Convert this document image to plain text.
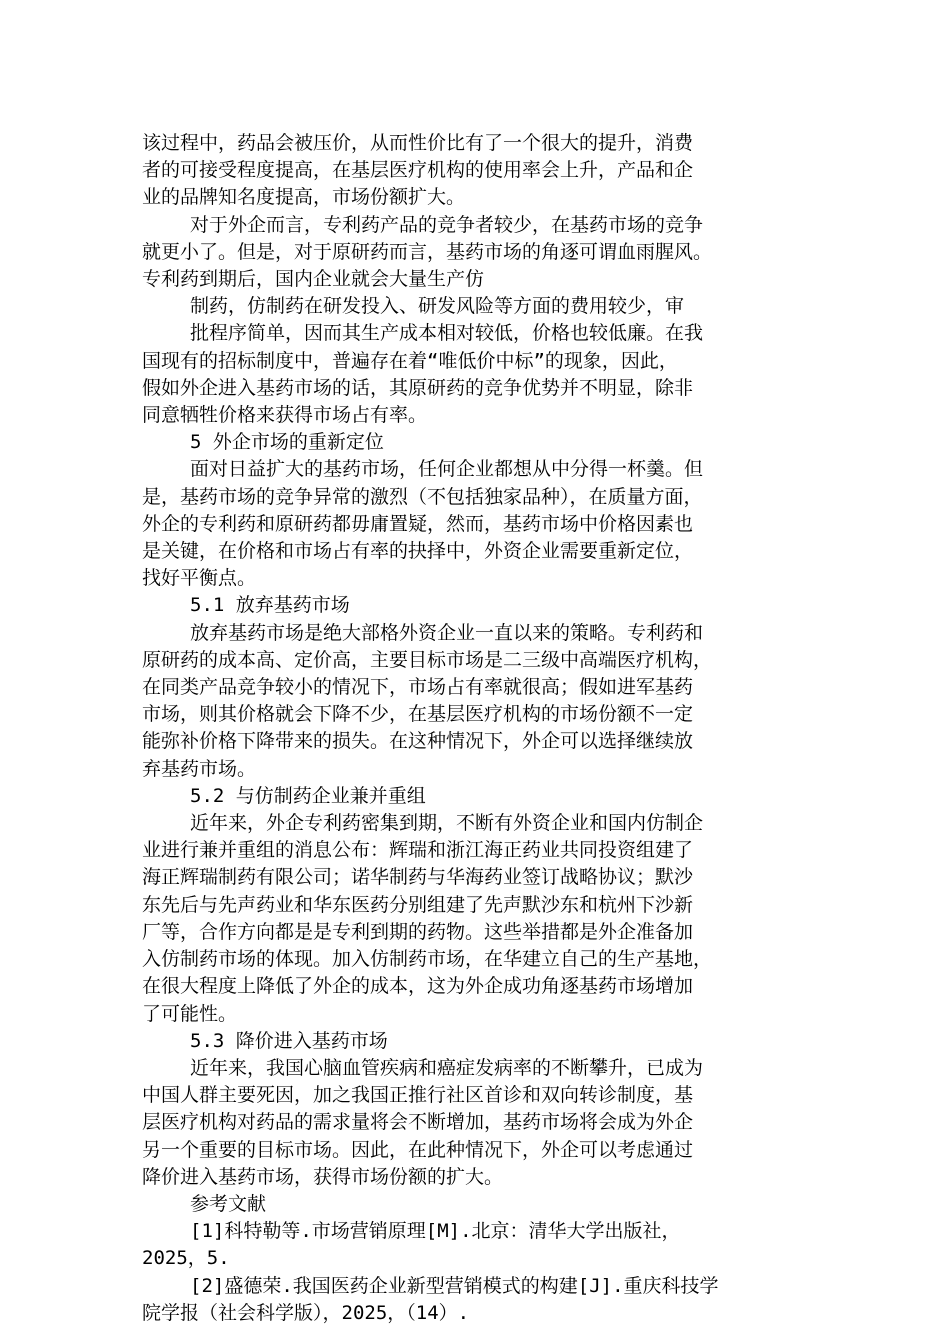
该过程中，药品会被压价，从而性价比有了一个很大的提升，消费
者的可接受程度提高，在基层医疗机构的使用率会上升，产品和企
业的品牌知名度提高，市场份额扩大。
对于外企而言，专利药产品的竞争者较少，在基药市场的竞争
就更小了。但是，对于原研药而言，基药市场的角逐可谓血雨腥风。
专利药到期后，国内企业就会大量生产仿
制药，仿制药在研发投入、研发风险等方面的费用较少，审
批程序简单，因而其生产成本相对较低，价格也较低廉。在我
国现有的招标制度中，普遍存在着“唯低价中标”的现象，因此，
假如外企进入基药市场的话，其原研药的竞争优势并不明显，除非
同意牺牲价格来获得市场占有率。
5 外企市场的重新定位
面对日益扩大的基药市场，任何企业都想从中分得一杯羹。但
是，基药市场的竞争异常的激烈（不包括独家品种），在质量方面，
外企的专利药和原研药都毋庸置疑，然而，基药市场中价格因素也
是关键，在价格和市场占有率的抉择中，外资企业需要重新定位，
找好平衡点。
5.1 放弃基药市场
放弃基药市场是绝大部格外资企业一直以来的策略。专利药和
原研药的成本高、定价高，主要目标市场是二三级中高端医疗机构，
在同类产品竞争较小的情况下，市场占有率就很高；假如进军基药
市场，则其价格就会下降不少，在基层医疗机构的市场份额不一定
能弥补价格下降带来的损失。在这种情况下，外企可以选择继续放
弃基药市场。
5.2 与仿制药企业兼并重组
近年来，外企专利药密集到期，不断有外资企业和国内仿制企
业进行兼并重组的消息公布：辉瑞和浙江海正药业共同投资组建了
海正辉瑞制药有限公司；诺华制药与华海药业签订战略协议；默沙
东先后与先声药业和华东医药分别组建了先声默沙东和杭州下沙新
厂等，合作方向都是是专利到期的药物。这些举措都是外企准备加
入仿制药市场的体现。加入仿制药市场，在华建立自己的生产基地，
在很大程度上降低了外企的成本，这为外企成功角逐基药市场增加
了可能性。
5.3 降价进入基药市场
近年来，我国心脑血管疾病和癌症发病率的不断攀升，已成为
中国人群主要死因，加之我国正推行社区首诊和双向转诊制度，基
层医疗机构对药品的需求量将会不断增加，基药市场将会成为外企
另一个重要的目标市场。因此，在此种情况下，外企可以考虑通过
降价进入基药市场，获得市场份额的扩大。
参考文献
[1]科特勒等.市场营销原理[M].北京：清华大学出版社，
2025，5.
[2]盛德荣.我国医药企业新型营销模式的构建[J].重庆科技学
院学报（社会科学版），2025，（14）.
